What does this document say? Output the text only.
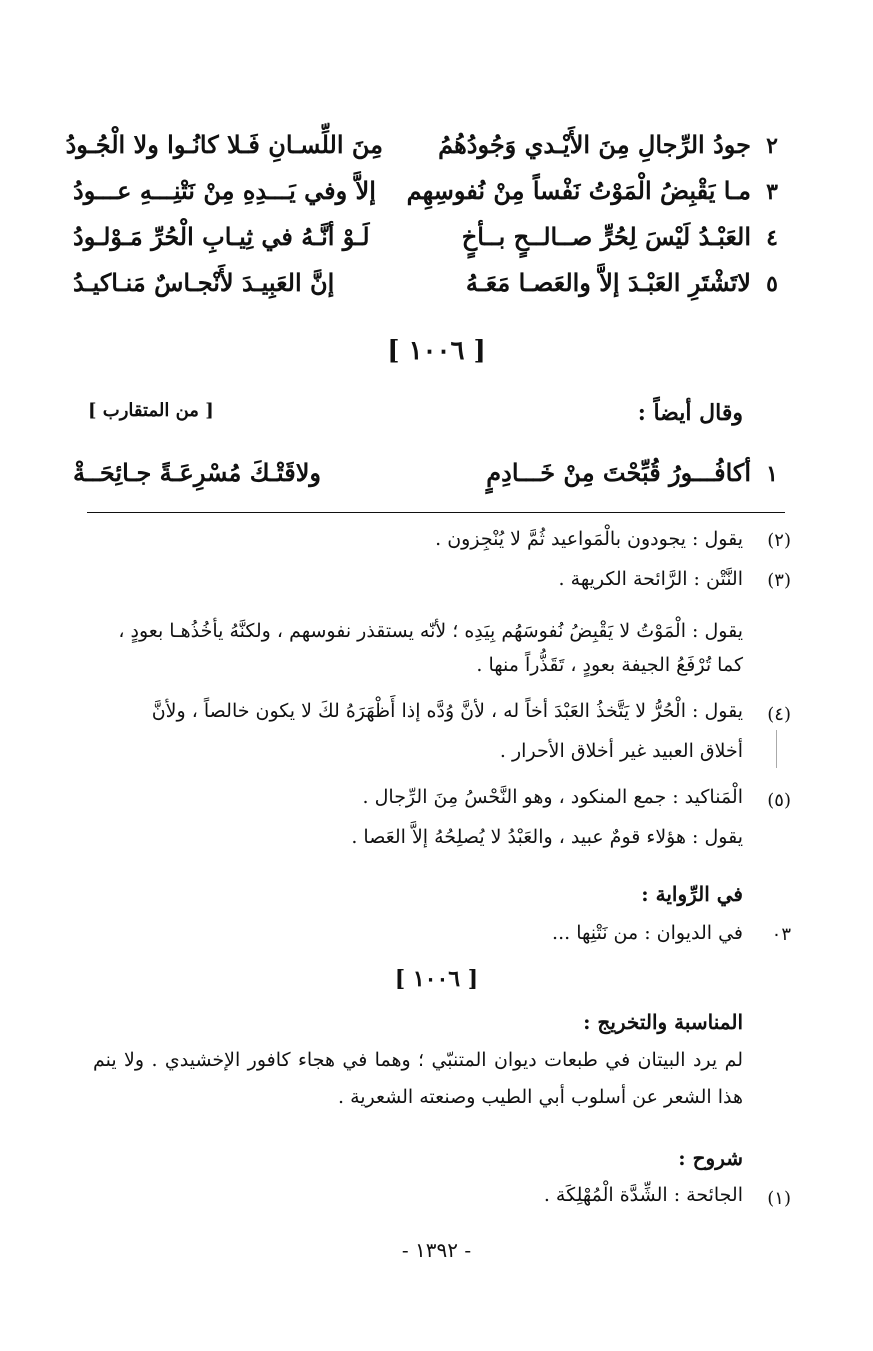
٢
جودُ الرِّجالِ مِنَ الأَيْـدي وَجُودُهُمُ
مِنَ اللِّسـانِ فَـلا كانُـوا ولا الْجُـودُ
٣
مـا يَقْبِضُ الْمَوْتُ نَفْساً مِنْ نُفوسِهِم
إلاَّ وفي يَـــدِهِ مِنْ نَتْنِـــهِ عـــودُ
٤
العَبْـدُ لَيْسَ لِحُرٍّ صــالــحٍ بــأخٍ
لَـوْ أنَّـهُ في ثِيـابِ الْحُرِّ مَـوْلـودُ
٥
لاتَشْتَرِ العَبْـدَ إلاَّ والعَصـا مَعَـهُ
إنَّ العَبِيـدَ لأَنْجـاسٌ مَنـاكيـدُ
[ ١٠٠٦ ]
وقال أيضاً :
[ من المتقارب ]
١
أكافُـــورُ قُبِّحْتَ مِنْ خَـــادِمٍ
ولاقَتْـكَ مُسْرِعَـةً جـائِحَــةْ
(٢)
يقول : يجودون بالْمَواعيد ثُمَّ لا يُنْجِزون .
(٣)
النَّتْن : الرَّائحة الكريهة .
يقول : الْمَوْتُ لا يَقْبِضُ نُفوسَهُم بِيَدِه ؛ لأنّه يستقذر نفوسهم ، ولكنَّهُ يأخُذُهـا بعودٍ ،
كما تُرْفَعُ الجيفة بعودٍ ، تَقَذُّراً منها .
(٤)
يقول : الْحُرُّ لا يَتَّخذُ العَبْدَ أخاً له ، لأنَّ وُدَّه إذا أَظْهَرَهُ لكَ لا يكون خالصاً ، ولأنَّ
أخلاق العبيد غير أخلاق الأحرار .
(٥)
الْمَناكيد : جمع المنكود ، وهو النَّحْسُ مِنَ الرِّجال .
يقول : هؤلاء قومٌ عبيد ، والعَبْدُ لا يُصلِحُهُ إلاَّ العَصا .
في الرِّواية :
٠٣
في الديوان : من نَتْنِها ...
[ ١٠٠٦ ]
المناسبة والتخريج :
لم يرد البيتان في طبعات ديوان المتنبّي ؛ وهما في هجاء كافور الإخشيدي . ولا ينم هذا الشعر عن أسلوب أبي الطيب وصنعته الشعرية .
شروح :
(١)
الجائحة : الشِّدَّة الْمُهْلِكَة .
- ١٣٩٢ -
